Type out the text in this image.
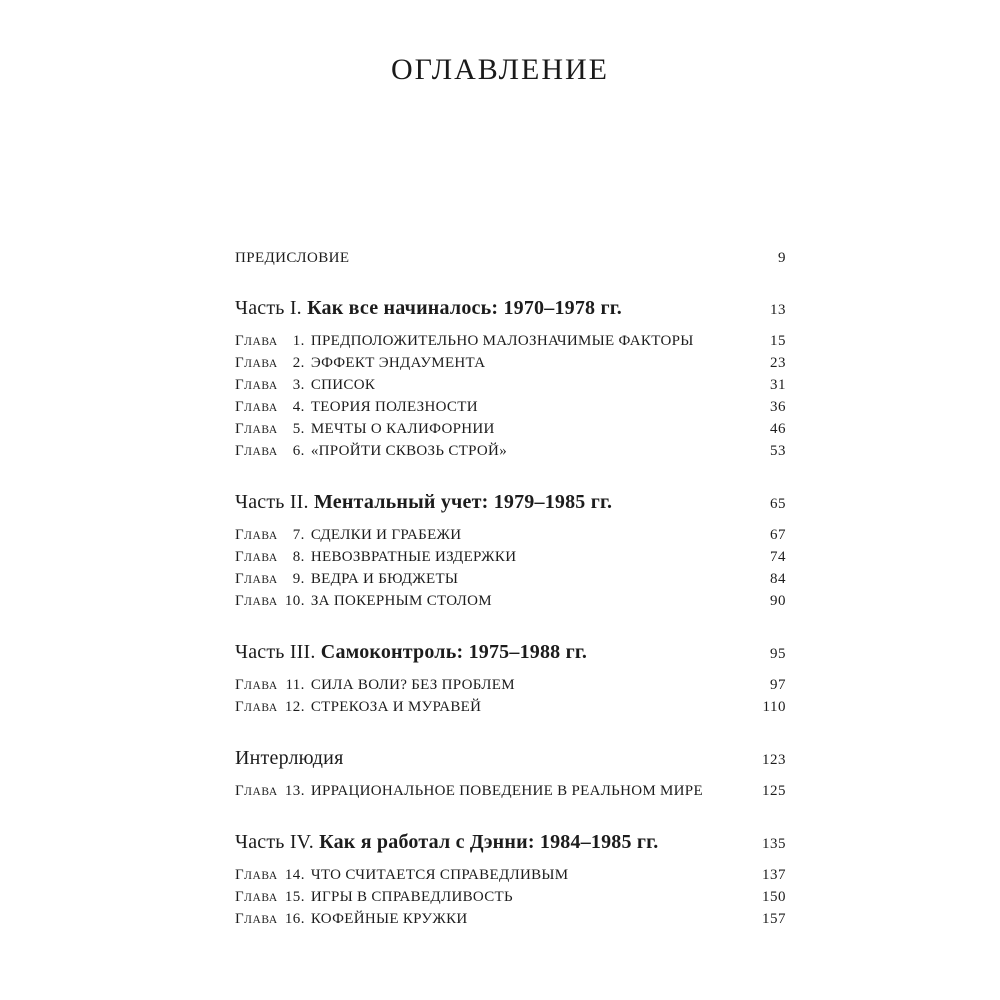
ОГЛАВЛЕНИЕ
ПРЕДИСЛОВИЕ	9
Часть I. Как все начиналось: 1970–1978 гг.	13
ГЛАВА 1. ПРЕДПОЛОЖИТЕЛЬНО МАЛОЗНАЧИМЫЕ ФАКТОРЫ	15
ГЛАВА 2. ЭФФЕКТ ЭНДАУМЕНТА	23
ГЛАВА 3. СПИСОК	31
ГЛАВА 4. ТЕОРИЯ ПОЛЕЗНОСТИ	36
ГЛАВА 5. МЕЧТЫ О КАЛИФОРНИИ	46
ГЛАВА 6. «ПРОЙТИ СКВОЗЬ СТРОЙ»	53
Часть II. Ментальный учет: 1979–1985 гг.	65
ГЛАВА 7. СДЕЛКИ И ГРАБЕЖИ	67
ГЛАВА 8. НЕВОЗВРАТНЫЕ ИЗДЕРЖКИ	74
ГЛАВА 9. ВЕДРА И БЮДЖЕТЫ	84
ГЛАВА 10. ЗА ПОКЕРНЫМ СТОЛОМ	90
Часть III. Самоконтроль: 1975–1988 гг.	95
ГЛАВА 11. СИЛА ВОЛИ? БЕЗ ПРОБЛЕМ	97
ГЛАВА 12. СТРЕКОЗА И МУРАВЕЙ	110
Интерлюдия	123
ГЛАВА 13. ИРРАЦИОНАЛЬНОЕ ПОВЕДЕНИЕ В РЕАЛЬНОМ МИРЕ	125
Часть IV. Как я работал с Дэнни: 1984–1985 гг.	135
ГЛАВА 14. ЧТО СЧИТАЕТСЯ СПРАВЕДЛИВЫМ	137
ГЛАВА 15. ИГРЫ В СПРАВЕДЛИВОСТЬ	150
ГЛАВА 16. КОФЕЙНЫЕ КРУЖКИ	157
